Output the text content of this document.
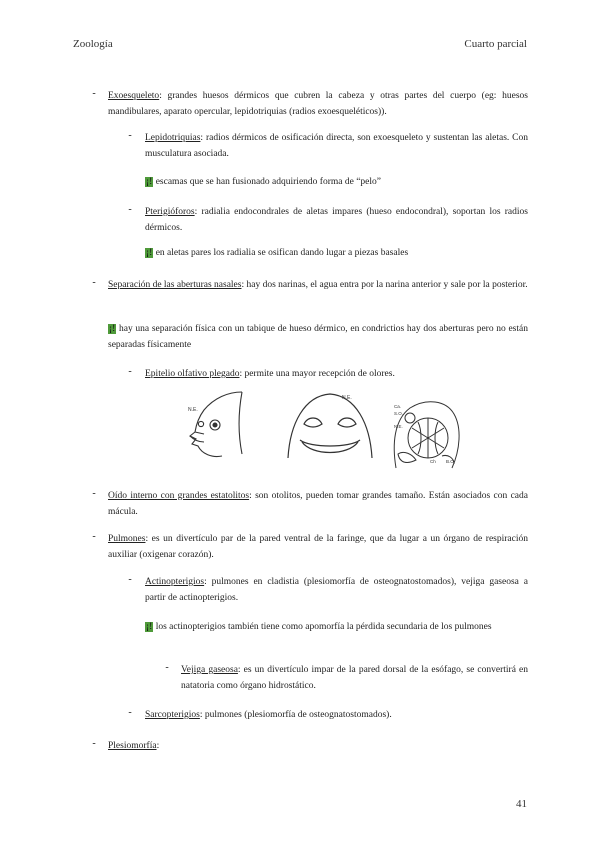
Zoología	Cuarto parcial
- Exoesqueleto: grandes huesos dérmicos que cubren la cabeza y otras partes del cuerpo (eg: huesos mandibulares, aparato opercular, lepidotriquias (radios exoesqueléticos)).
- Lepidotriquias: radios dérmicos de osificación directa, son exoesqueleto y sustentan las aletas. Con musculatura asociada.
¡! escamas que se han fusionado adquiriendo forma de “pelo”
- Pterigióforos: radialia endocondrales de aletas impares (hueso endocondral), soportan los radios dérmicos.
¡! en aletas pares los radialia se osifican dando lugar a piezas basales
- Separación de las aberturas nasales: hay dos narinas, el agua entra por la narina anterior y sale por la posterior.
¡! hay una separación física con un tabique de hueso dérmico, en condrictios hay dos aberturas pero no están separadas físicamente
- Epitelio olfativo plegado: permite una mayor recepción de olores.
N.E.
N.E.
Ca.
S.O.
N.E.
Ch B.O.
- Oído interno con grandes estatolitos: son otolitos, pueden tomar grandes tamaño. Están asociados con cada mácula.
- Pulmones: es un divertículo par de la pared ventral de la faringe, que da lugar a un órgano de respiración auxiliar (oxigenar corazón).
- Actinopterigios: pulmones en cladistia (plesiomorfía de osteognatostomados), vejiga gaseosa a partir de actinopterigios.
¡! los actinopterigios también tiene como apomorfía la pérdida secundaria de los pulmones
- Vejiga gaseosa: es un divertículo impar de la pared dorsal de la esófago, se convertirá en natatoria como órgano hidrostático.
- Sarcopterigios: pulmones (plesiomorfía de osteognatostomados).
- Plesiomorfía:
41
